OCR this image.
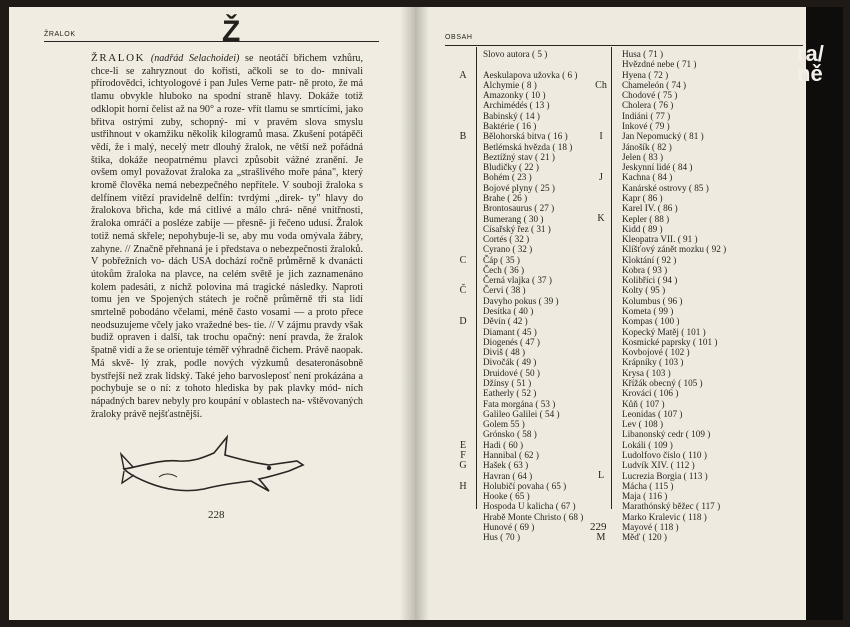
ŽRALOK	Ž

ŽRALOK (nadřád Selachoidei) se neotáčí břichem vzhůru, chce-li se zahryznout do kořisti, ačkoli se to do- mnívali přírodovědci, ichtyologové i pan Jules Verne patr- ně proto, že má tlamu obvykle hluboko na spodní straně hlavy. Dokáže totiž odklopit horní čelist až na 90° a roze- vřít tlamu se smrtícími, jako břitva ostrými zuby, schopný- mi v pravém slova smyslu ustřihnout v okamžiku několik kilogramů masa. Zkušení potápěči vědí, že i malý, necelý metr dlouhý žralok, ne větší než pořádná štika, dokáže neopatrnému plavci způsobit vážné zranění. Je ovšem omyl považovat žraloka za „strašlivého moře pána", který kromě člověka nemá nebezpečného nepřítele. V souboji žraloka s delfínem vítězí pravidelně delfín: tvrdými „direk- ty" hlavy do žralokova břicha, kde má citlivé a málo chrá- něné vnitřnosti, žraloka omráčí a posléze zabije — přesně- ji řečeno udusí. Žralok totiž nemá skřele; nepohybuje-li se, aby mu voda omývala žábry, zahyne. // Značně přehnaná je i představa o nebezpečnosti žraloků. V pobřežních vo- dách USA dochází ročně průměrně k dvanácti útokům žraloka na plavce, na celém světě je jich zaznamenáno kolem padesáti, z nichž polovina má tragické následky. Naproti tomu jen ve Spojených státech je ročně průměrně tři sta lidí smrtelně pobodáno včelami, méně často vosami — a proto přece neodsuzujeme včely jako vražedné bes- tie. // V zájmu pravdy však budiž opraven i další, tak trochu opačný: není pravda, že žralok špatně vidí a že se orientuje téměř výhradně čichem. Právě naopak. Má skvě- lý zrak, podle nových výzkumů desateronásobně bystřejší než zrak lidský. Také jeho barvosleposť není prokázána a pochybuje se o ní: z tohoto hlediska by pak plavky mód- ních nápadných barev nebyly pro koupání v oblastech na- vštěvovaných žraloky právě nejšťastnější.

228
OBSAH
A
B
C
Č
D
E
F
G
H
Ch
I
J
K
L
M
Slovo autora ( 5 )

Aeskulapova užovka ( 6 )
Alchymie ( 8 )
Amazonky ( 10 )
Archimédés ( 13 )
Babinský ( 14 )
Baktérie ( 16 )
Bělohorská bitva ( 16 )
Betlémská hvězda ( 18 )
Beztížný stav ( 21 )
Bludičky ( 22 )
Bohém ( 23 )
Bojové plyny ( 25 )
Brahe ( 26 )
Brontosaurus ( 27 )
Bumerang ( 30 )
Císařský řez ( 31 )
Cortés ( 32 )
Cyrano ( 32 )
Čáp ( 35 )
Čech ( 36 )
Černá vlajka ( 37 )
Červi ( 38 )
Davyho pokus ( 39 )
Desítka ( 40 )
Děvín ( 42 )
Diamant ( 45 )
Diogenés ( 47 )
Diviš ( 48 )
Divočák ( 49 )
Druidové ( 50 )
Džínsy ( 51 )
Eatherly ( 52 )
Fata morgána ( 53 )
Galileo Galilei ( 54 )
Golem 55 )
Grónsko ( 58 )
Hadi ( 60 )
Hannibal ( 62 )
Hašek ( 63 )
Havran ( 64 )
Holubičí povaha ( 65 )
Hooke ( 65 )
Hospoda U kalicha ( 67 )
Hrabě Monte Christo ( 68 )
Hunové ( 69 )
Hus ( 70 )
Husa ( 71 )
Hvězdné nebe ( 71 )
Hyena ( 72 )
Chameleón ( 74 )
Chodové ( 75 )
Cholera ( 76 )
Indiáni ( 77 )
Inkové ( 79 )
Jan Nepomucký ( 81 )
Jánošík ( 82 )
Jelen ( 83 )
Jeskynní lidé ( 84 )
Kachna ( 84 )
Kanárské ostrovy ( 85 )
Kapr ( 86 )
Karel IV. ( 86 )
Kepler ( 88 )
Kidd ( 89 )
Kleopatra VII. ( 91 )
Klíšťový zánět mozku ( 92 )
Kloktání ( 92 )
Kobra ( 93 )
Kolibříci ( 94 )
Kolty ( 95 )
Kolumbus ( 96 )
Kometa ( 99 )
Kompas ( 100 )
Kopecký Matěj ( 101 )
Kosmické paprsky ( 101 )
Kovbojové ( 102 )
Krápníky ( 103 )
Krysa ( 103 )
Křížák obecný ( 105 )
Krováci ( 106 )
Kůň ( 107 )
Leonidas ( 107 )
Lev ( 108 )
Libanonský cedr ( 109 )
Lokáli ( 109 )
Ludolfovo číslo ( 110 )
Ludvík XIV. ( 112 )
Lucrezia Borgia ( 113 )
Mácha ( 115 )
Maja ( 116 )
Marathónský běžec ( 117 )
Marko Kralevic ( 118 )
Mayové ( 118 )
Měď ( 120 )
229
ra/
ně
